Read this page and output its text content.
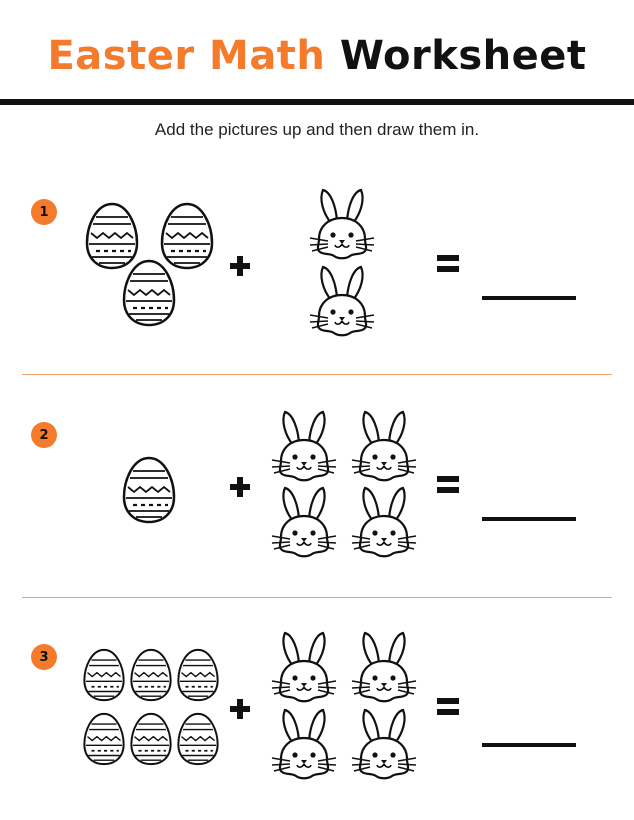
Easter Math Worksheet
Add the pictures up and then draw them in.
1
2
3
